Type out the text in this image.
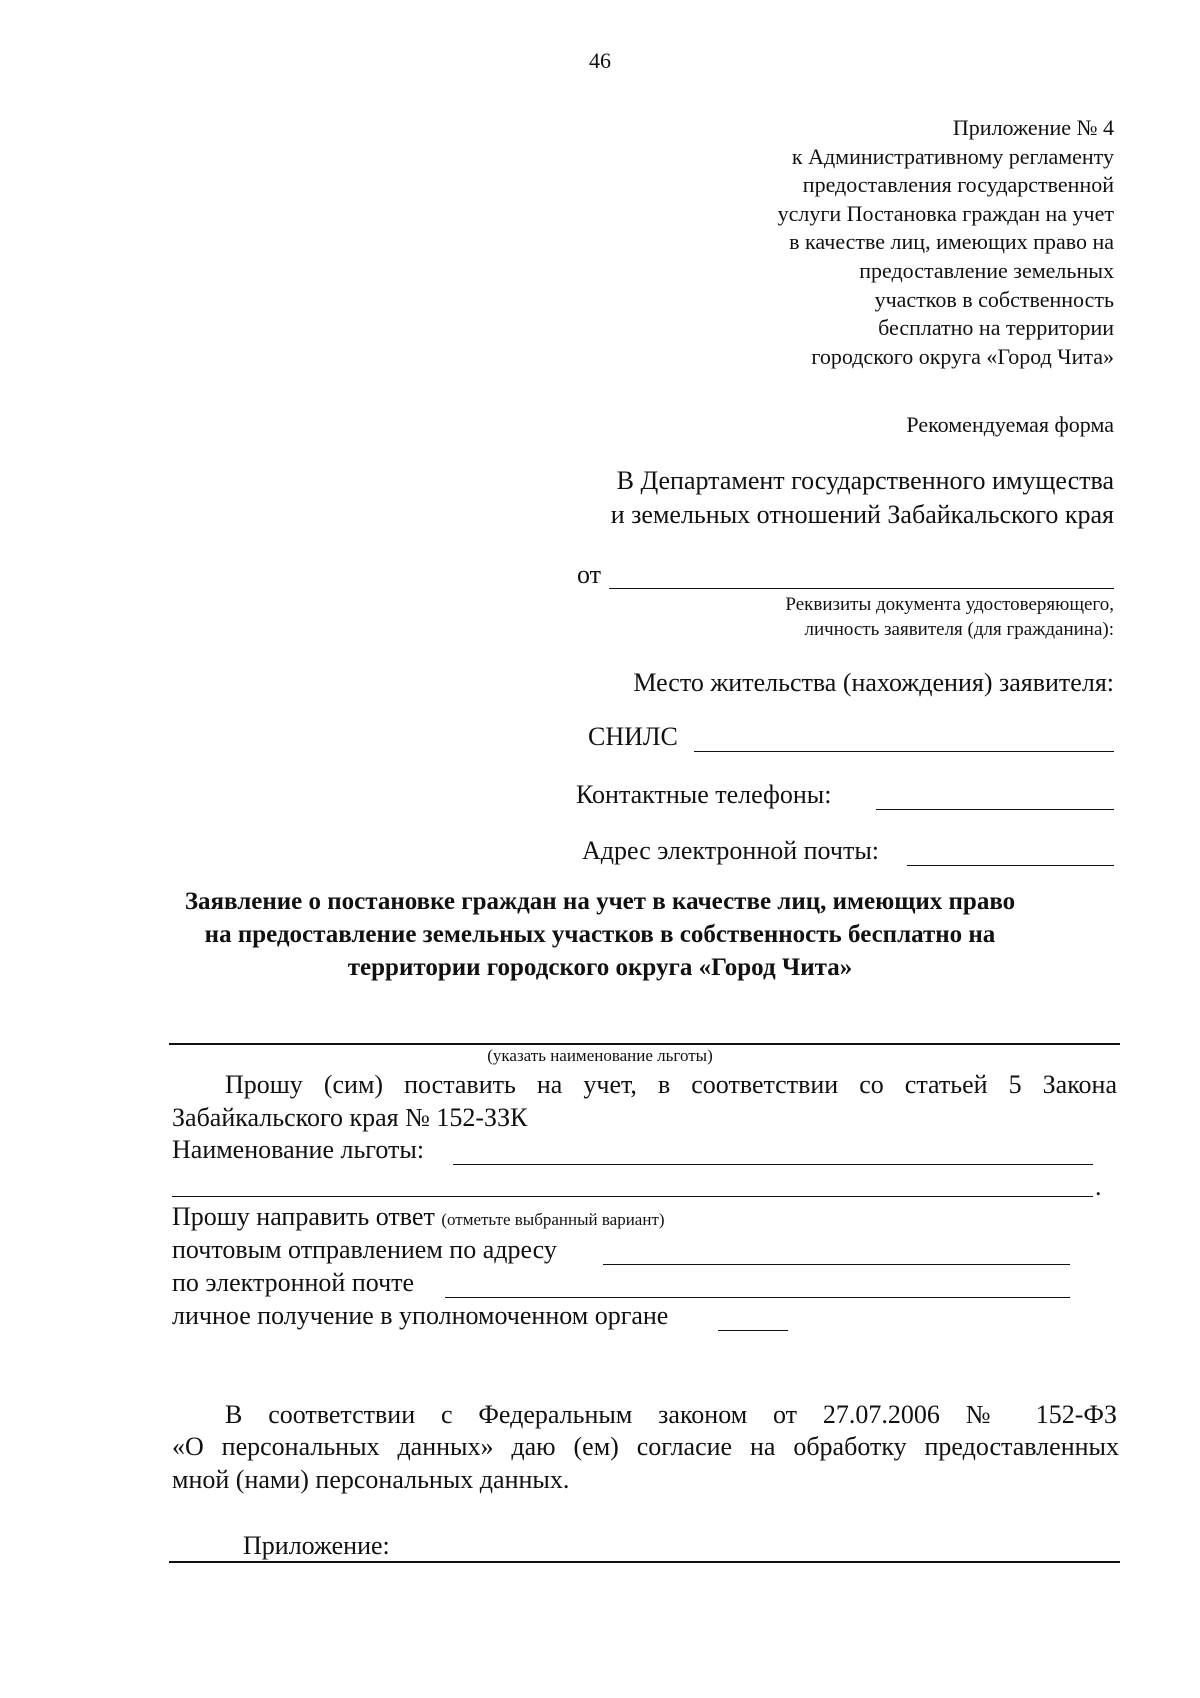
46
Приложение № 4
к Административному регламенту
предоставления государственной
услуги Постановка граждан на учет
в качестве лиц, имеющих право на
предоставление земельных
участков в собственность
бесплатно на территории
городского округа «Город Чита»
Рекомендуемая форма
В Департамент государственного имущества
и земельных отношений Забайкальского края
от
Реквизиты документа удостоверяющего,
личность заявителя (для гражданина):
Место жительства (нахождения) заявителя:
СНИЛС
Контактные телефоны:
Адрес электронной почты:
Заявление о постановке граждан на учет в качестве лиц, имеющих право
на предоставление земельных участков в собственность бесплатно на
территории городского округа «Город Чита»
(указать наименование льготы)
Прошу (сим) поставить на учет, в соответствии со статьей 5 Закона
Забайкальского края № 152-ЗЗК
Наименование льготы:
.
Прошу направить ответ (отметьте выбранный вариант)
почтовым отправлением по адресу
по электронной почте
личное получение в уполномоченном органе
В соответствии с Федеральным законом от 27.07.2006 № 152-ФЗ
«О персональных данных» даю (ем) согласие на обработку предоставленных
мной (нами) персональных данных.
Приложение:
